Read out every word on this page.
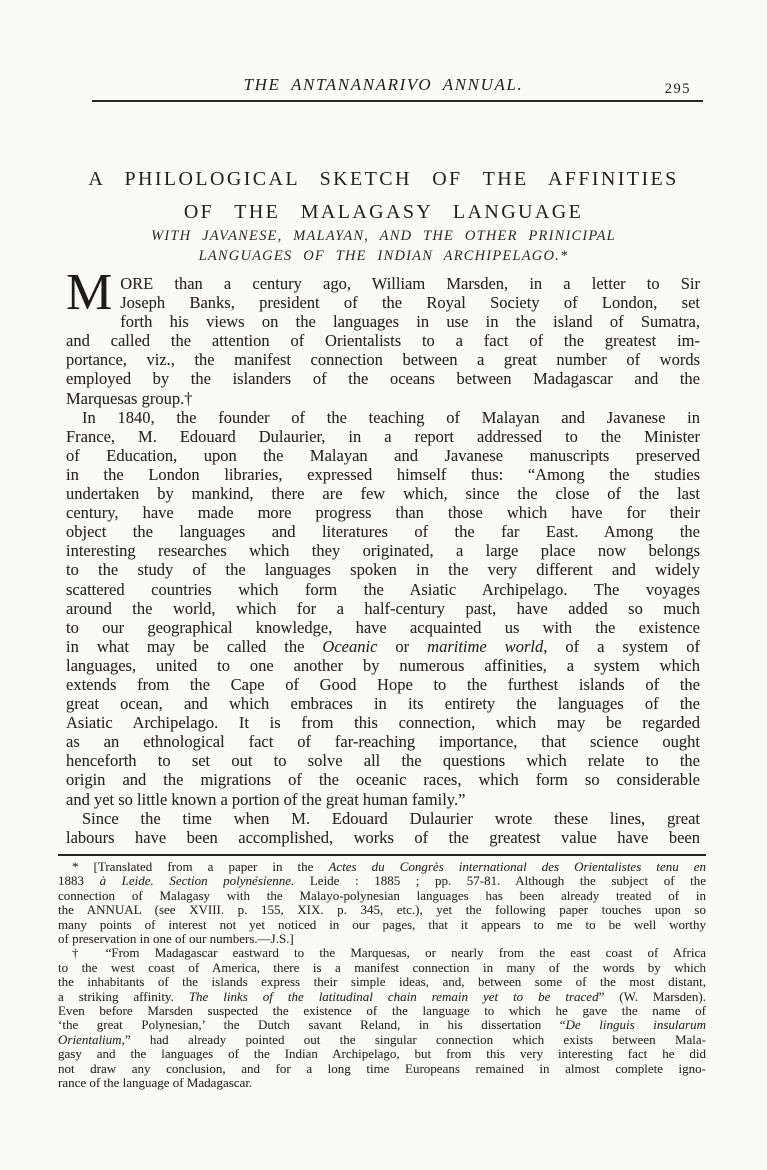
THE ANTANANARIVO ANNUAL.	295
A PHILOLOGICAL SKETCH OF THE AFFINITIES
OF THE MALAGASY LANGUAGE
WITH JAVANESE, MALAYAN, AND THE OTHER PRINICIPAL
LANGUAGES OF THE INDIAN ARCHIPELAGO.*
M ORE than a century ago, William Marsden, in a letter to Sir
Joseph Banks, president of the Royal Society of London, set
forth his views on the languages in use in the island of Sumatra,
and called the attention of Orientalists to a fact of the greatest im-
portance, viz., the manifest connection between a great number of words
employed by the islanders of the oceans between Madagascar and the
Marquesas group.†
In 1840, the founder of the teaching of Malayan and Javanese in
France, M. Edouard Dulaurier, in a report addressed to the Minister
of Education, upon the Malayan and Javanese manuscripts preserved
in the London libraries, expressed himself thus: “Among the studies
undertaken by mankind, there are few which, since the close of the last
century, have made more progress than those which have for their
object the languages and literatures of the far East. Among the
interesting researches which they originated, a large place now belongs
to the study of the languages spoken in the very different and widely
scattered countries which form the Asiatic Archipelago. The voyages
around the world, which for a half-century past, have added so much
to our geographical knowledge, have acquainted us with the existence
in what may be called the Oceanic or maritime world, of a system of
languages, united to one another by numerous affinities, a system which
extends from the Cape of Good Hope to the furthest islands of the
great ocean, and which embraces in its entirety the languages of the
Asiatic Archipelago. It is from this connection, which may be regarded
as an ethnological fact of far-reaching importance, that science ought
henceforth to set out to solve all the questions which relate to the
origin and the migrations of the oceanic races, which form so considerable
and yet so little known a portion of the great human family.”
Since the time when M. Edouard Dulaurier wrote these lines, great
labours have been accomplished, works of the greatest value have been
* [Translated from a paper in the Actes du Congrès international des Orientalistes tenu en
1883 à Leide. Section polynésienne. Leide : 1885 ; pp. 57-81. Although the subject of the
connection of Malagasy with the Malayo-polynesian languages has been already treated of in
the ANNUAL (see XVIII. p. 155, XIX. p. 345, etc.), yet the following paper touches upon so
many points of interest not yet noticed in our pages, that it appears to me to be well worthy
of preservation in one of our numbers.—J.S.]
† “From Madagascar eastward to the Marquesas, or nearly from the east coast of Africa
to the west coast of America, there is a manifest connection in many of the words by which
the inhabitants of the islands express their simple ideas, and, between some of the most distant,
a striking affinity. The links of the latitudinal chain remain yet to be traced” (W. Marsden).
Even before Marsden suspected the existence of the language to which he gave the name of
‘the great Polynesian,’ the Dutch savant Reland, in his dissertation “De linguis insularum
Orientalium,” had already pointed out the singular connection which exists between Mala-
gasy and the languages of the Indian Archipelago, but from this very interesting fact he did
not draw any conclusion, and for a long time Europeans remained in almost complete igno-
rance of the language of Madagascar.
